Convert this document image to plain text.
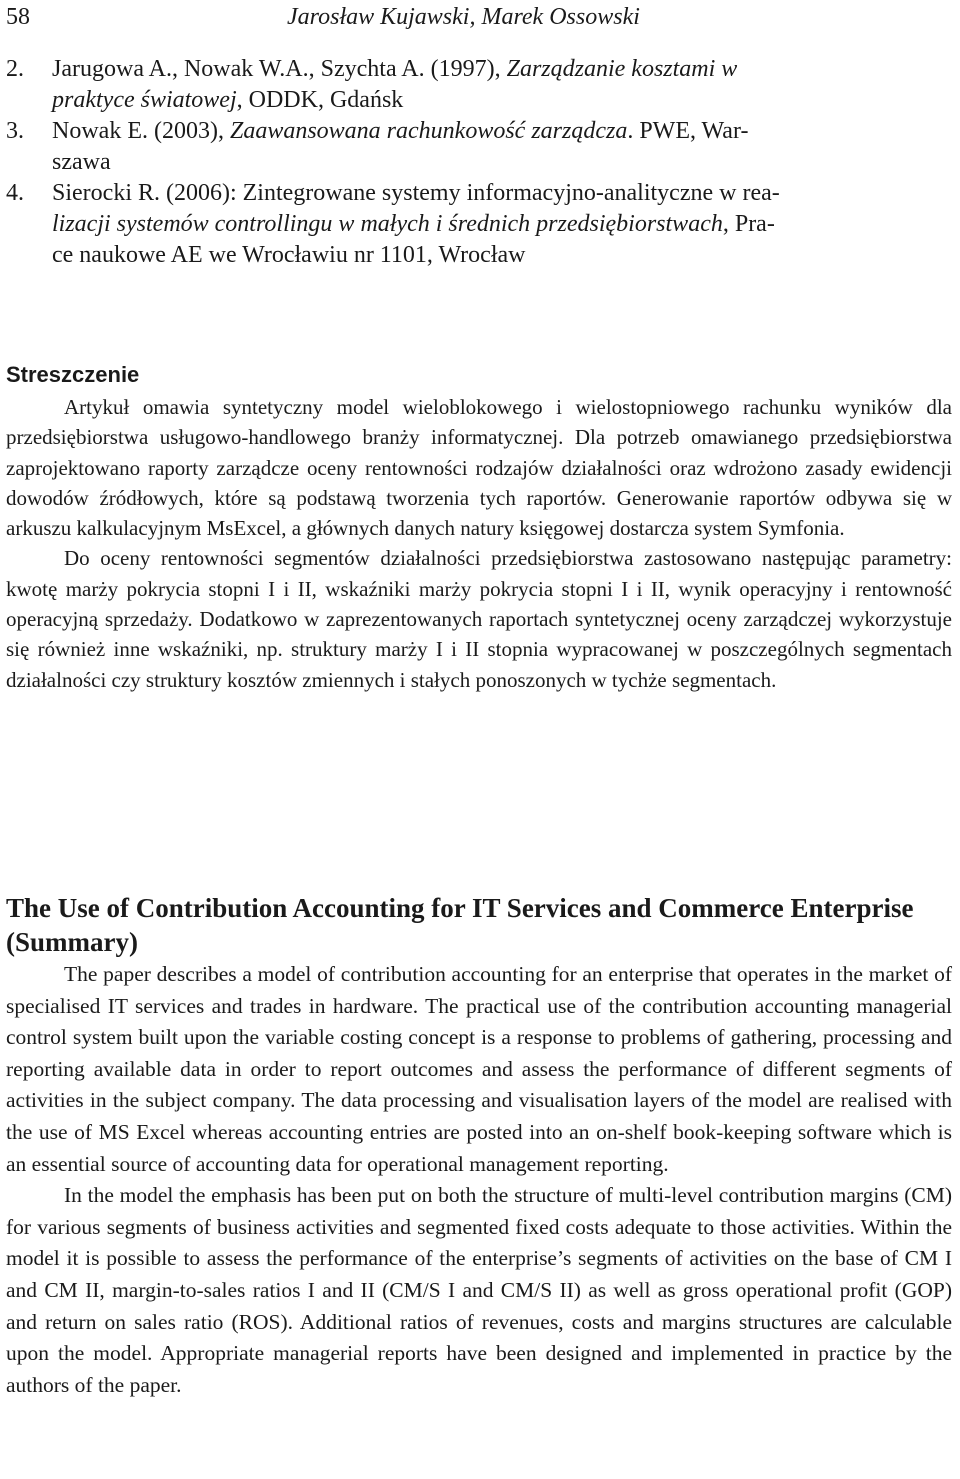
58	Jarosław Kujawski, Marek Ossowski
2. Jarugowa A., Nowak W.A., Szychta A. (1997), Zarządzanie kosztami w
praktyce światowej, ODDK, Gdańsk
3. Nowak E. (2003), Zaawansowana rachunkowość zarządcza. PWE, War-
szawa
4. Sierocki R. (2006): Zintegrowane systemy informacyjno-analityczne w rea-
lizacji systemów controllingu w małych i średnich przedsiębiorstwach, Pra-
ce naukowe AE we Wrocławiu nr 1101, Wrocław
Streszczenie

Artykuł omawia syntetyczny model wieloblokowego i wielostopniowego rachunku wyników dla przedsiębiorstwa usługowo-handlowego branży informatycznej. Dla potrzeb omawianego przedsiębiorstwa zaprojektowano raporty zarządcze oceny rentowności rodzajów działalności oraz wdrożono zasady ewidencji dowodów źródłowych, które są podstawą tworzenia tych raportów. Generowanie raportów odbywa się w arkuszu kalkulacyjnym MsExcel, a głównych danych natury księgowej dostarcza system Symfonia.

Do oceny rentowności segmentów działalności przedsiębiorstwa zastosowano następując parametry: kwotę marży pokrycia stopni I i II, wskaźniki marży pokrycia stopni I i II, wynik operacyjny i rentowność operacyjną sprzedaży. Dodatkowo w zaprezentowanych raportach syntetycznej oceny zarządczej wykorzystuje się również inne wskaźniki, np. struktury marży I i II stopnia wypracowanej w poszczególnych segmentach działalności czy struktury kosztów zmiennych i stałych ponoszonych w tychże segmentach.

The Use of Contribution Accounting for IT Services and Commerce Enterprise (Summary)

The paper describes a model of contribution accounting for an enterprise that operates in the market of specialised IT services and trades in hardware. The practical use of the contribution accounting managerial control system built upon the variable costing concept is a response to problems of gathering, processing and reporting available data in order to report outcomes and assess the performance of different segments of activities in the subject company. The data processing and visualisation layers of the model are realised with the use of MS Excel whereas accounting entries are posted into an on-shelf book-keeping software which is an essential source of accounting data for operational management reporting.

In the model the emphasis has been put on both the structure of multi-level contribution margins (CM) for various segments of business activities and segmented fixed costs adequate to those activities. Within the model it is possible to assess the performance of the enterprise’s segments of activities on the base of CM I and CM II, margin-to-sales ratios I and II (CM/S I and CM/S II) as well as gross operational profit (GOP) and return on sales ratio (ROS). Additional ratios of revenues, costs and margins structures are calculable upon the model. Appropriate managerial reports have been designed and implemented in practice by the authors of the paper.
